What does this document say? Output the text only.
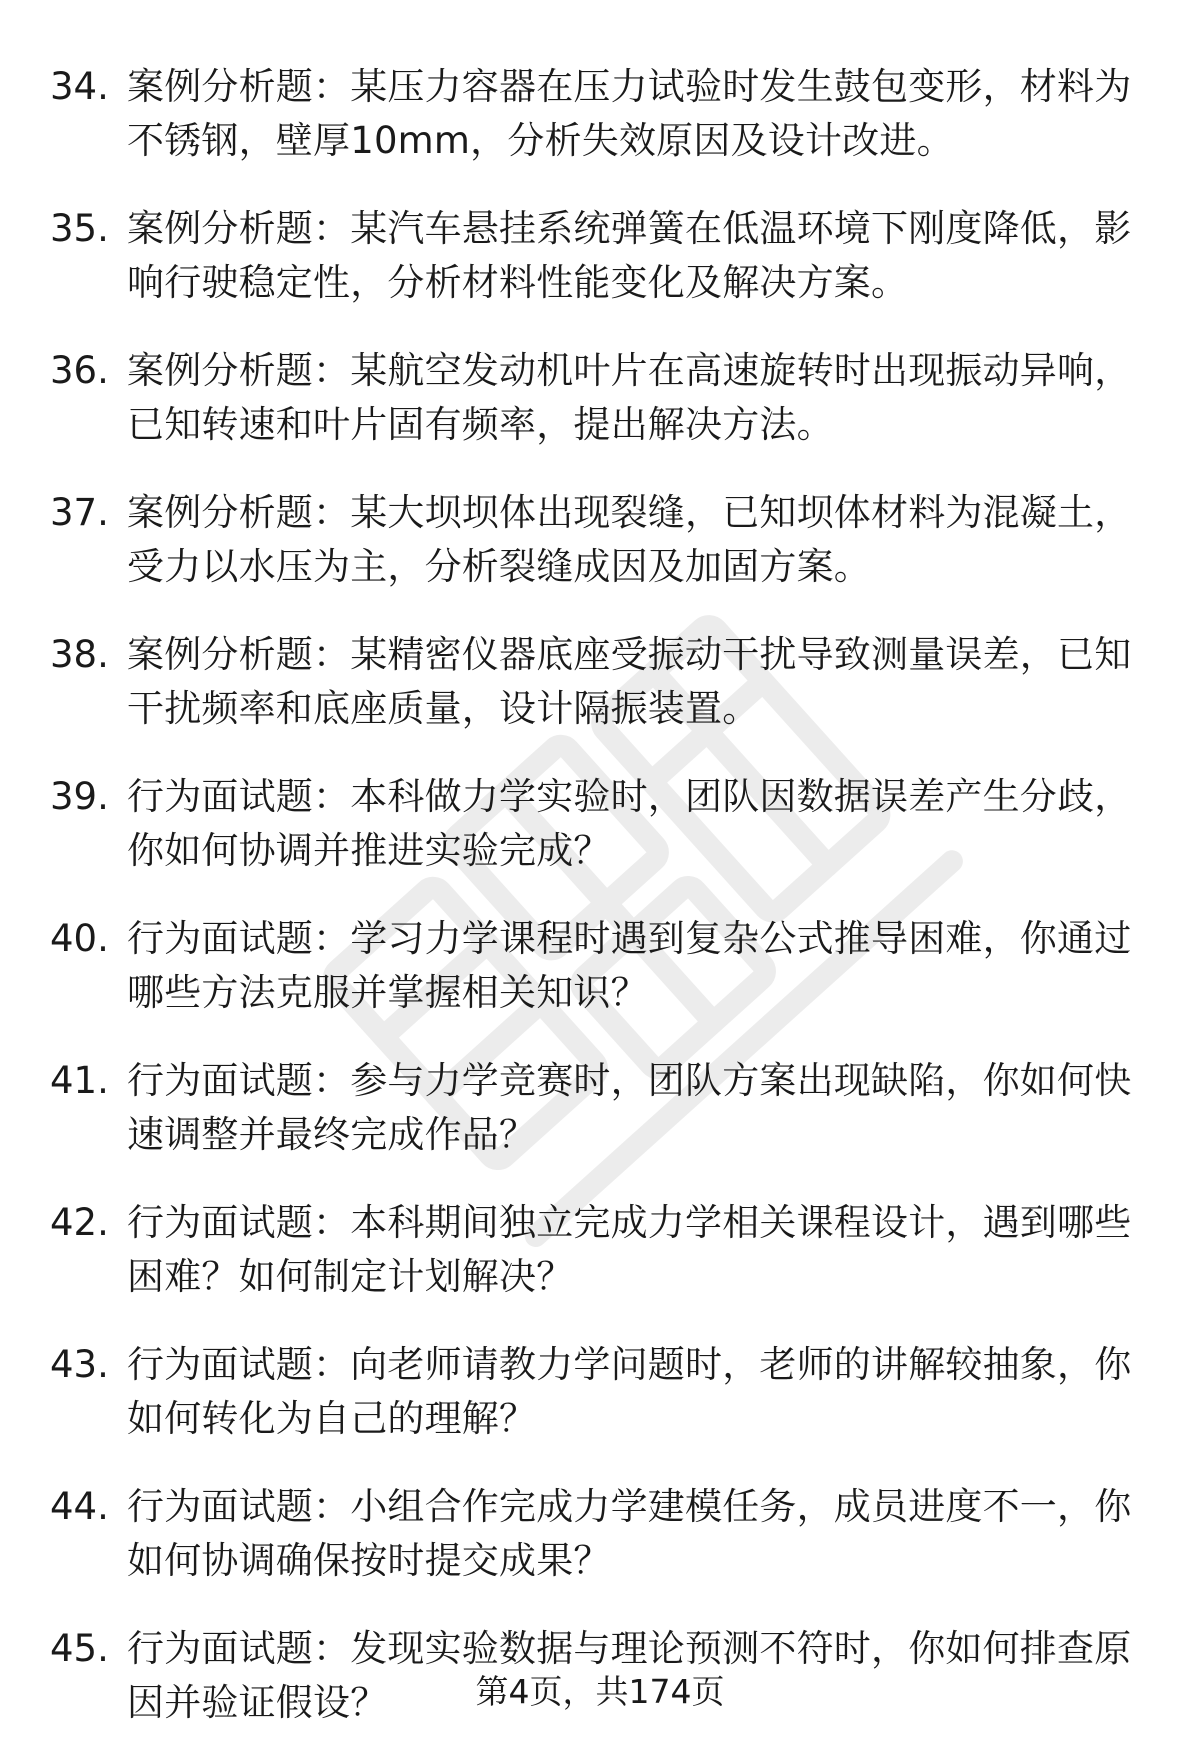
34. 案例分析题：某压力容器在压力试验时发生鼓包变形，材料为不锈钢，壁厚10mm，分析失效原因及设计改进。
35. 案例分析题：某汽车悬挂系统弹簧在低温环境下刚度降低，影响行驶稳定性，分析材料性能变化及解决方案。
36. 案例分析题：某航空发动机叶片在高速旋转时出现振动异响，已知转速和叶片固有频率，提出解决方法。
37. 案例分析题：某大坝坝体出现裂缝，已知坝体材料为混凝土，受力以水压为主，分析裂缝成因及加固方案。
38. 案例分析题：某精密仪器底座受振动干扰导致测量误差，已知干扰频率和底座质量，设计隔振装置。
39. 行为面试题：本科做力学实验时，团队因数据误差产生分歧，你如何协调并推进实验完成？
40. 行为面试题：学习力学课程时遇到复杂公式推导困难，你通过哪些方法克服并掌握相关知识？
41. 行为面试题：参与力学竞赛时，团队方案出现缺陷，你如何快速调整并最终完成作品？
42. 行为面试题：本科期间独立完成力学相关课程设计，遇到哪些困难？如何制定计划解决？
43. 行为面试题：向老师请教力学问题时，老师的讲解较抽象，你如何转化为自己的理解？
44. 行为面试题：小组合作完成力学建模任务，成员进度不一，你如何协调确保按时提交成果？
45. 行为面试题：发现实验数据与理论预测不符时，你如何排查原因并验证假设？	第4页，共174页
